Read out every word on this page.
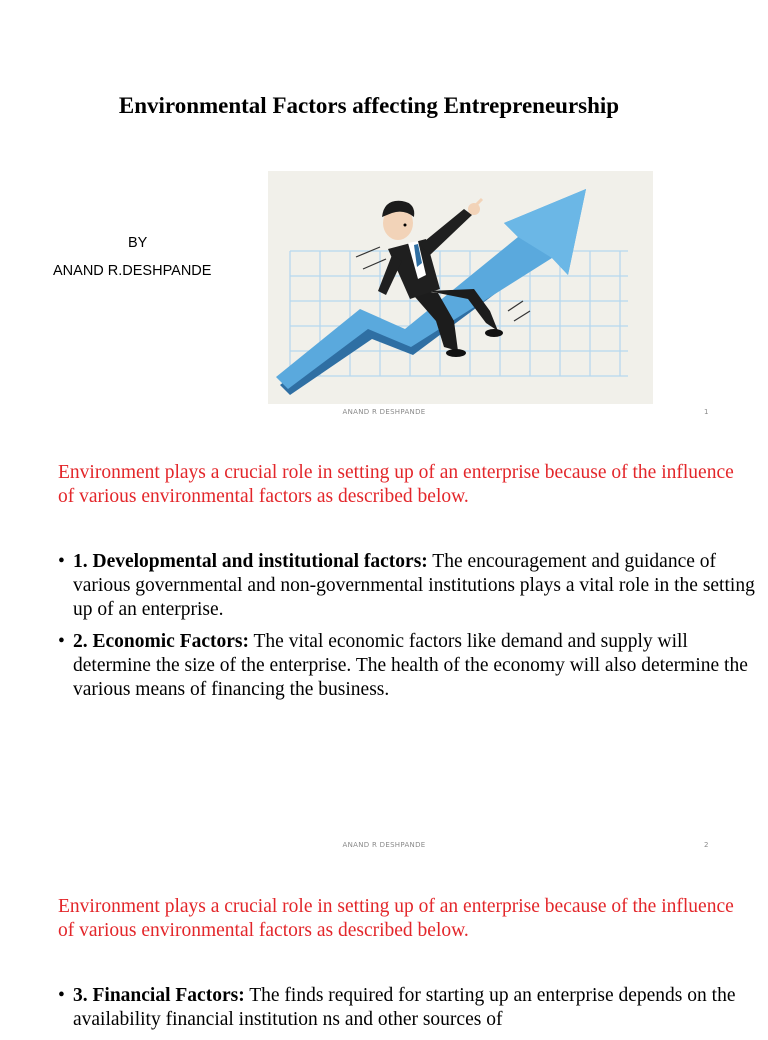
Environmental Factors affecting Entrepreneurship
BY
ANAND R.DESHPANDE
ANAND R DESHPANDE	1
Environment plays a crucial role in setting up of an enterprise because of the influence of various environmental factors as described below.
• 1. Developmental and institutional factors: The encouragement and guidance of various governmental and non-governmental institutions plays a vital role in the setting up of an enterprise.
• 2. Economic Factors: The vital economic factors like demand and supply will determine the size of the enterprise. The health of the economy will also determine the various means of financing the business.
ANAND R DESHPANDE	2
Environment plays a crucial role in setting up of an enterprise because of the influence of various environmental factors as described below.
• 3. Financial Factors: The finds required for starting up an enterprise depends on the availability financial institution ns and other sources of
